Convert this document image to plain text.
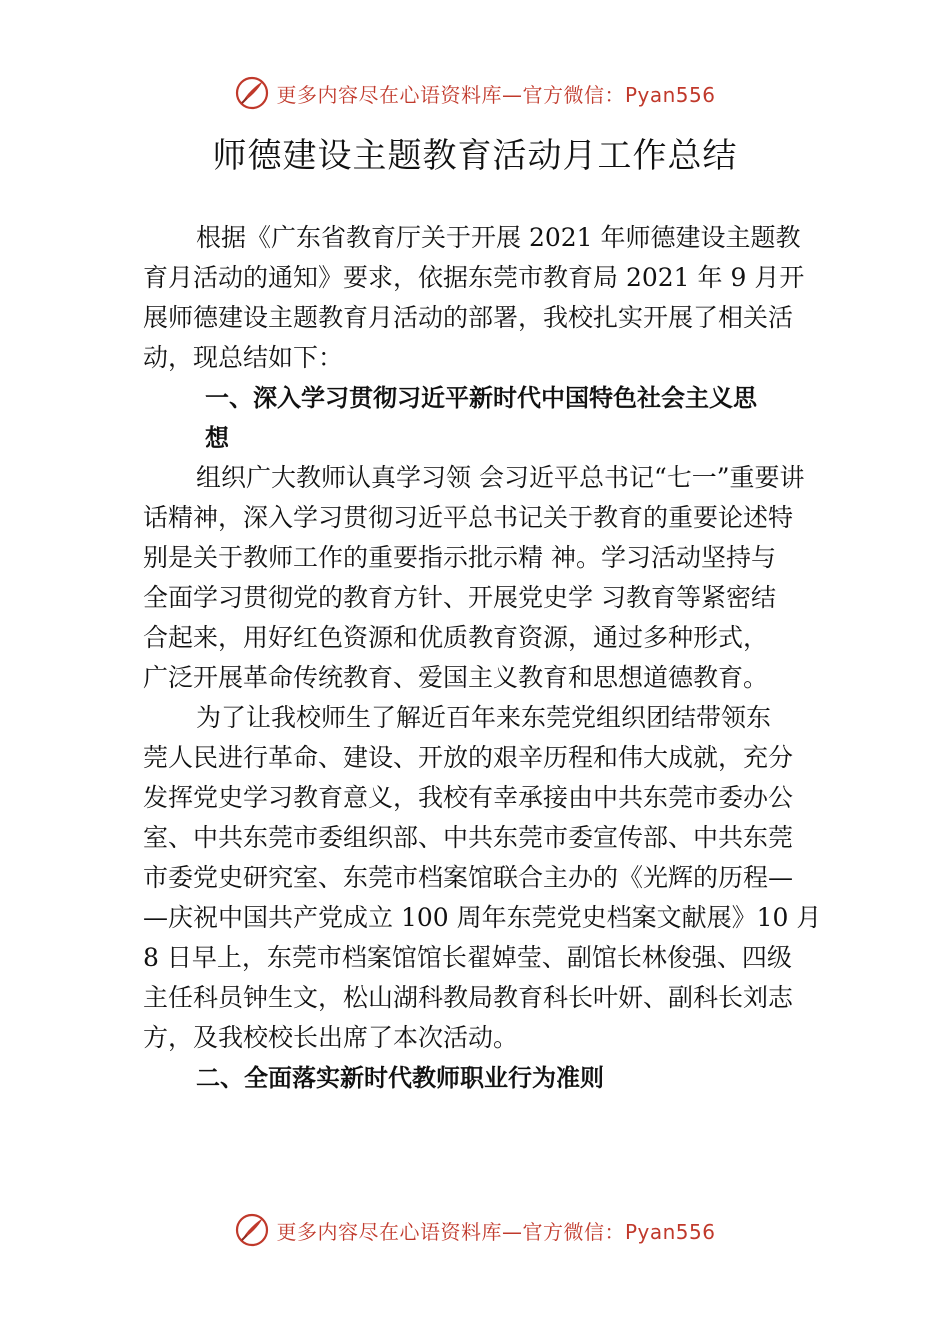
更多内容尽在心语资料库—官方微信：Pyan556
师德建设主题教育活动月工作总结

根据《广东省教育厅关于开展 2021 年师德建设主题教

育月活动的通知》要求，依据东莞市教育局 2021 年 9 月开

展师德建设主题教育月活动的部署，我校扎实开展了相关活

动，现总结如下：

一、深入学习贯彻习近平新时代中国特色社会主义思

想

组织广大教师认真学习领 会习近平总书记“七一”重要讲

话精神，深入学习贯彻习近平总书记关于教育的重要论述特

别是关于教师工作的重要指示批示精 神。学习活动坚持与

全面学习贯彻党的教育方针、开展党史学 习教育等紧密结

合起来，用好红色资源和优质教育资源，通过多种形式，

广泛开展革命传统教育、爱国主义教育和思想道德教育。

为了让我校师生了解近百年来东莞党组织团结带领东

莞人民进行革命、建设、开放的艰辛历程和伟大成就，充分

发挥党史学习教育意义，我校有幸承接由中共东莞市委办公

室、中共东莞市委组织部、中共东莞市委宣传部、中共东莞

市委党史研究室、东莞市档案馆联合主办的《光辉的历程—

—庆祝中国共产党成立 100 周年东莞党史档案文献展》10 月

8 日早上，东莞市档案馆馆长翟婥莹、副馆长林俊强、四级

主任科员钟生文，松山湖科教局教育科长叶妍、副科长刘志

方，及我校校长出席了本次活动。

二、全面落实新时代教师职业行为准则

更多内容尽在心语资料库—官方微信：Pyan556
